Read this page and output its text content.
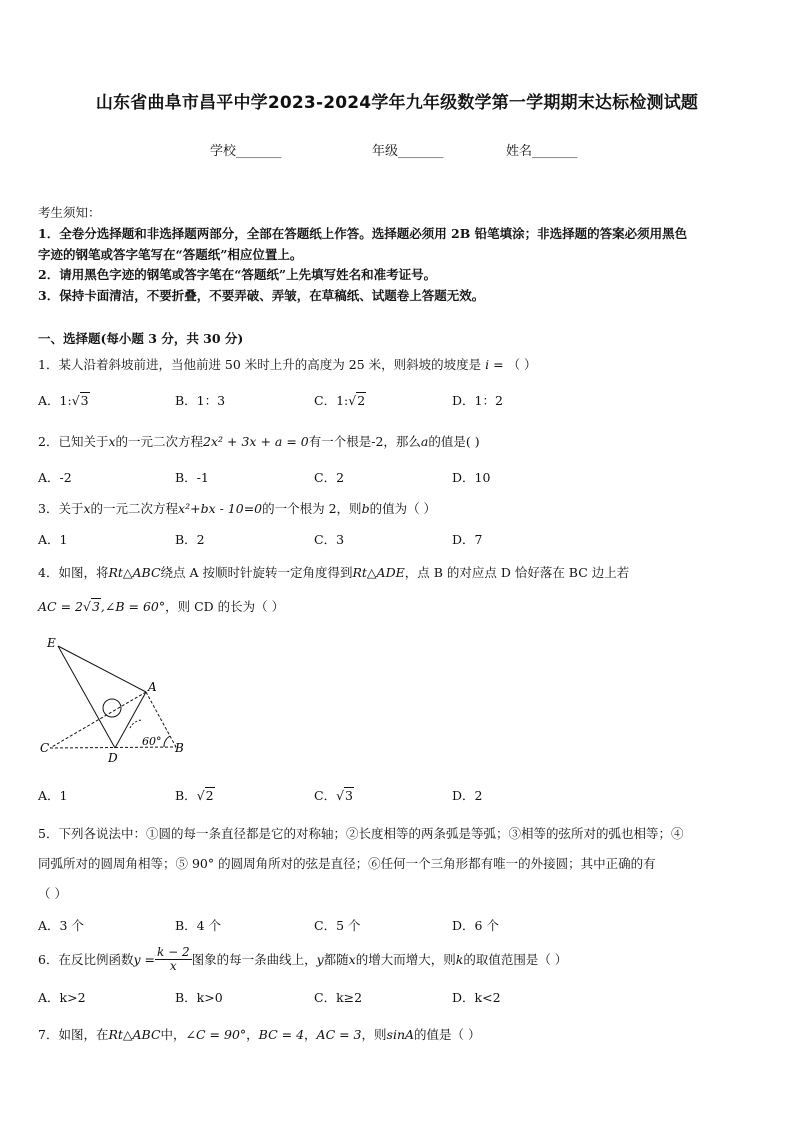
山东省曲阜市昌平中学2023-2024学年九年级数学第一学期期末达标检测试题
学校_______	年级_______	姓名_______
考生须知：
1．全卷分选择题和非选择题两部分，全部在答题纸上作答。选择题必须用 2B 铅笔填涂；非选择题的答案必须用黑色
字迹的钢笔或答字笔写在“答题纸”相应位置上。
2．请用黑色字迹的钢笔或答字笔在“答题纸”上先填写姓名和准考证号。
3．保持卡面清洁，不要折叠，不要弄破、弄皱，在草稿纸、试题卷上答题无效。
一、选择题(每小题 3 分，共 30 分)
1．某人沿着斜坡前进，当他前进 50 米时上升的高度为 25 米，则斜坡的坡度是 i = （ ）
A．1:√3	B．1：3	C．1:√2	D．1：2
2．已知关于x的一元二次方程2x² + 3x + a = 0有一个根是-2，那么a的值是( )
A．-2	B．-1	C．2	D．10
3．关于x的一元二次方程x²+bx - 10=0的一个根为 2，则b的值为（ ）
A．1	B．2	C．3	D．7
4．如图，将Rt△ABC绕点 A 按顺时针旋转一定角度得到Rt△ADE，点 B 的对应点 D 恰好落在 BC 边上若
AC = 2√3,∠B = 60°，则 CD 的长为（ ）
E
A
C
D
B
60°
A．1	B．√2	C．√3	D．2
5．下列各说法中：①圆的每一条直径都是它的对称轴；②长度相等的两条弧是等弧；③相等的弦所对的弧也相等；④
同弧所对的圆周角相等；⑤ 90° 的圆周角所对的弦是直径；⑥任何一个三角形都有唯一的外接圆；其中正确的有
（ ）
A．3 个	B．4 个	C．5 个	D．6 个
6．在反比例函数 $y = \frac{k - 2}{x}$ 图象的每一条曲线上， y 都随 x 的增大而增大，则 k 的取值范围是（ ）
A．k>2	B．k>0	C．k≥2	D．k<2
7．如图，在Rt△ABC中，∠C = 90°，BC = 4，AC = 3，则sinA的值是（ ）
